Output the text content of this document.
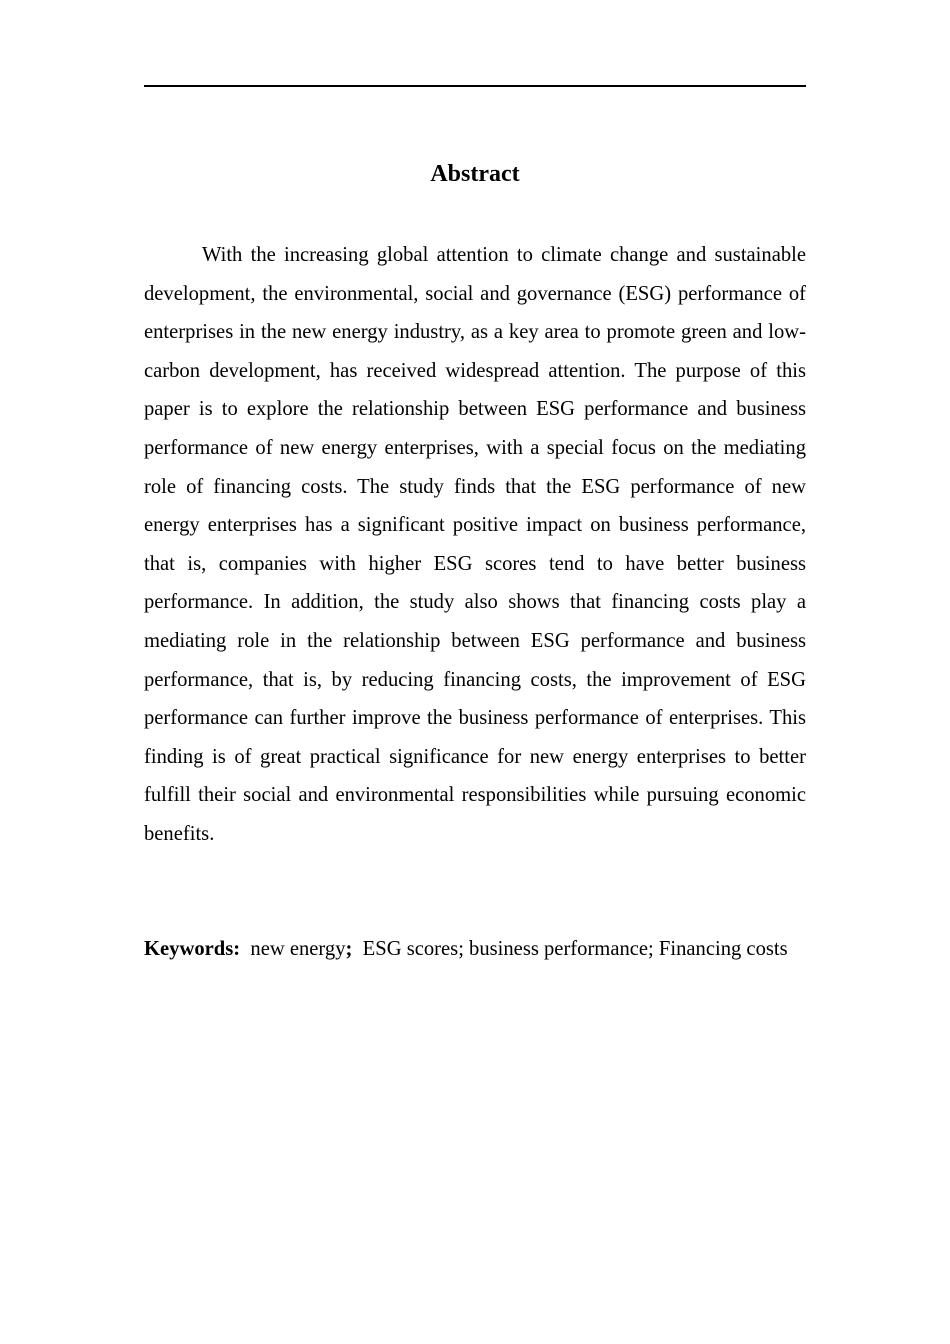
Abstract

With the increasing global attention to climate change and sustainable development, the environmental, social and governance (ESG) performance of enterprises in the new energy industry, as a key area to promote green and low-carbon development, has received widespread attention. The purpose of this paper is to explore the relationship between ESG performance and business performance of new energy enterprises, with a special focus on the mediating role of financing costs. The study finds that the ESG performance of new energy enterprises has a significant positive impact on business performance, that is, companies with higher ESG scores tend to have better business performance. In addition, the study also shows that financing costs play a mediating role in the relationship between ESG performance and business performance, that is, by reducing financing costs, the improvement of ESG performance can further improve the business performance of enterprises. This finding is of great practical significance for new energy enterprises to better fulfill their social and environmental responsibilities while pursuing economic benefits.

Keywords: new energy; ESG scores; business performance; Financing costs
